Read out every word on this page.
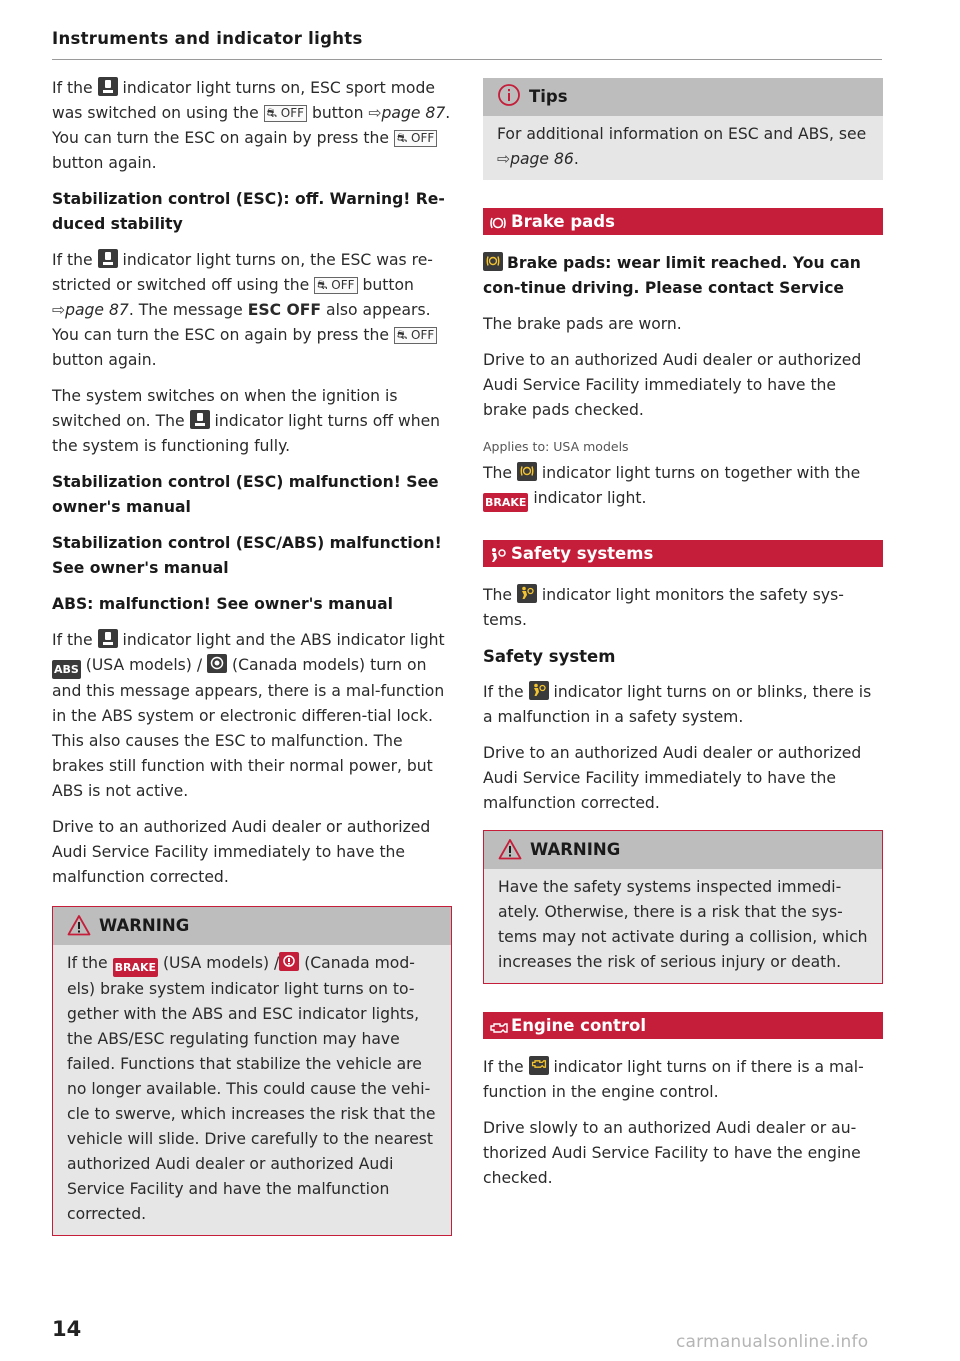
Instruments and indicator lights

If the
indicator light turns on, ESC sport mode was switched on using the ⛐ OFF button ⇨page 87. You can turn the ESC on again by press the ⛐ OFF button again.

Stabilization control (ESC): off. Warning! Re-duced stability

If the
indicator light turns on, the ESC was re-stricted or switched off using the ⛐ OFF button ⇨page 87. The message ESC OFF also appears. You can turn the ESC on again by press the ⛐ OFF button again.

The system switches on when the ignition is switched on. The
indicator light turns off when the system is functioning fully.

Stabilization control (ESC) malfunction! See owner's manual

Stabilization control (ESC/ABS) malfunction! See owner's manual

ABS: malfunction! See owner's manual

If the
indicator light and the ABS indicator light ABS (USA models) /
(Canada models) turn on and this message appears, there is a mal-function in the ABS system or electronic differen-tial lock. This also causes the ESC to malfunction. The brakes still function with their normal power, but ABS is not active.

Drive to an authorized Audi dealer or authorized Audi Service Facility immediately to have the malfunction corrected.

WARNING
If the BRAKE (USA models) /
(Canada mod-els) brake system indicator light turns on to-gether with the ABS and ESC indicator lights, the ABS/ESC regulating function may have failed. Functions that stabilize the vehicle are no longer available. This could cause the vehi-cle to swerve, which increases the risk that the vehicle will slide. Drive carefully to the nearest authorized Audi dealer or authorized Audi Service Facility and have the malfunction corrected.
Tips
For additional information on ESC and ABS, see ⇨page 86.
Brake pads

Brake pads: wear limit reached. You can con-tinue driving. Please contact Service

The brake pads are worn.

Drive to an authorized Audi dealer or authorized Audi Service Facility immediately to have the brake pads checked.

Applies to: USA models

The
indicator light turns on together with the BRAKE indicator light.

Safety systems

The
indicator light monitors the safety sys-tems.

Safety system

If the
indicator light turns on or blinks, there is a malfunction in a safety system.

Drive to an authorized Audi dealer or authorized Audi Service Facility immediately to have the malfunction corrected.

WARNING
Have the safety systems inspected immedi-ately. Otherwise, there is a risk that the sys-tems may not activate during a collision, which increases the risk of serious injury or death.
Engine control

If the
indicator light turns on if there is a mal-function in the engine control.

Drive slowly to an authorized Audi dealer or au-thorized Audi Service Facility to have the engine checked.

14
carmanualsonline.info
